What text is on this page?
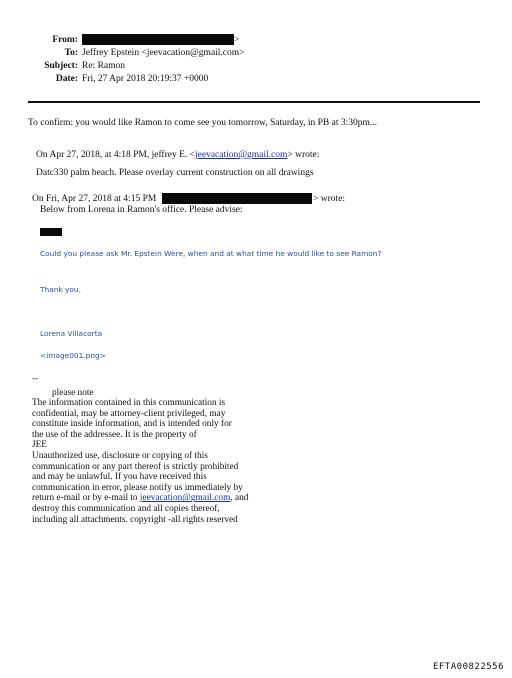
From:	>
To: Jeffrey Epstein <jeevacation@gmail.com>
Subject: Re: Ramon
Date: Fri, 27 Apr 2018 20:19:37 +0000
To confirm: you would like Ramon to come see you tomorrow, Saturday, in PB at 3:30pm...
On Apr 27, 2018, at 4:18 PM, jeffrey E. <jeevacation@gmail.com> wrote:
Datc330 palm beach. Please overlay current construction on all drawings
On Fri, Apr 27, 2018 at 4:15 PM	> wrote:
Below from Lorena in Ramon's office. Please advise:
Could you please ask Mr. Epstein Were, when and at what time he would like to see Ramon?
Thank you,
Lorena Villacorta
<image001.png>
--
please note
The information contained in this communication is
confidential, may be attorney-client privileged, may
constitute inside information, and is intended only for
the use of the addressee. It is the property of
JEE
Unauthorized use, disclosure or copying of this
communication or any part thereof is strictly prohibited
and may be unlawful. If you have received this
communication in error, please notify us immediately by
return e-mail or by e-mail to jeevacation@gmail.com, and
destroy this communication and all copies thereof,
including all attachments. copyright -all rights reserved
EFTA00822556
